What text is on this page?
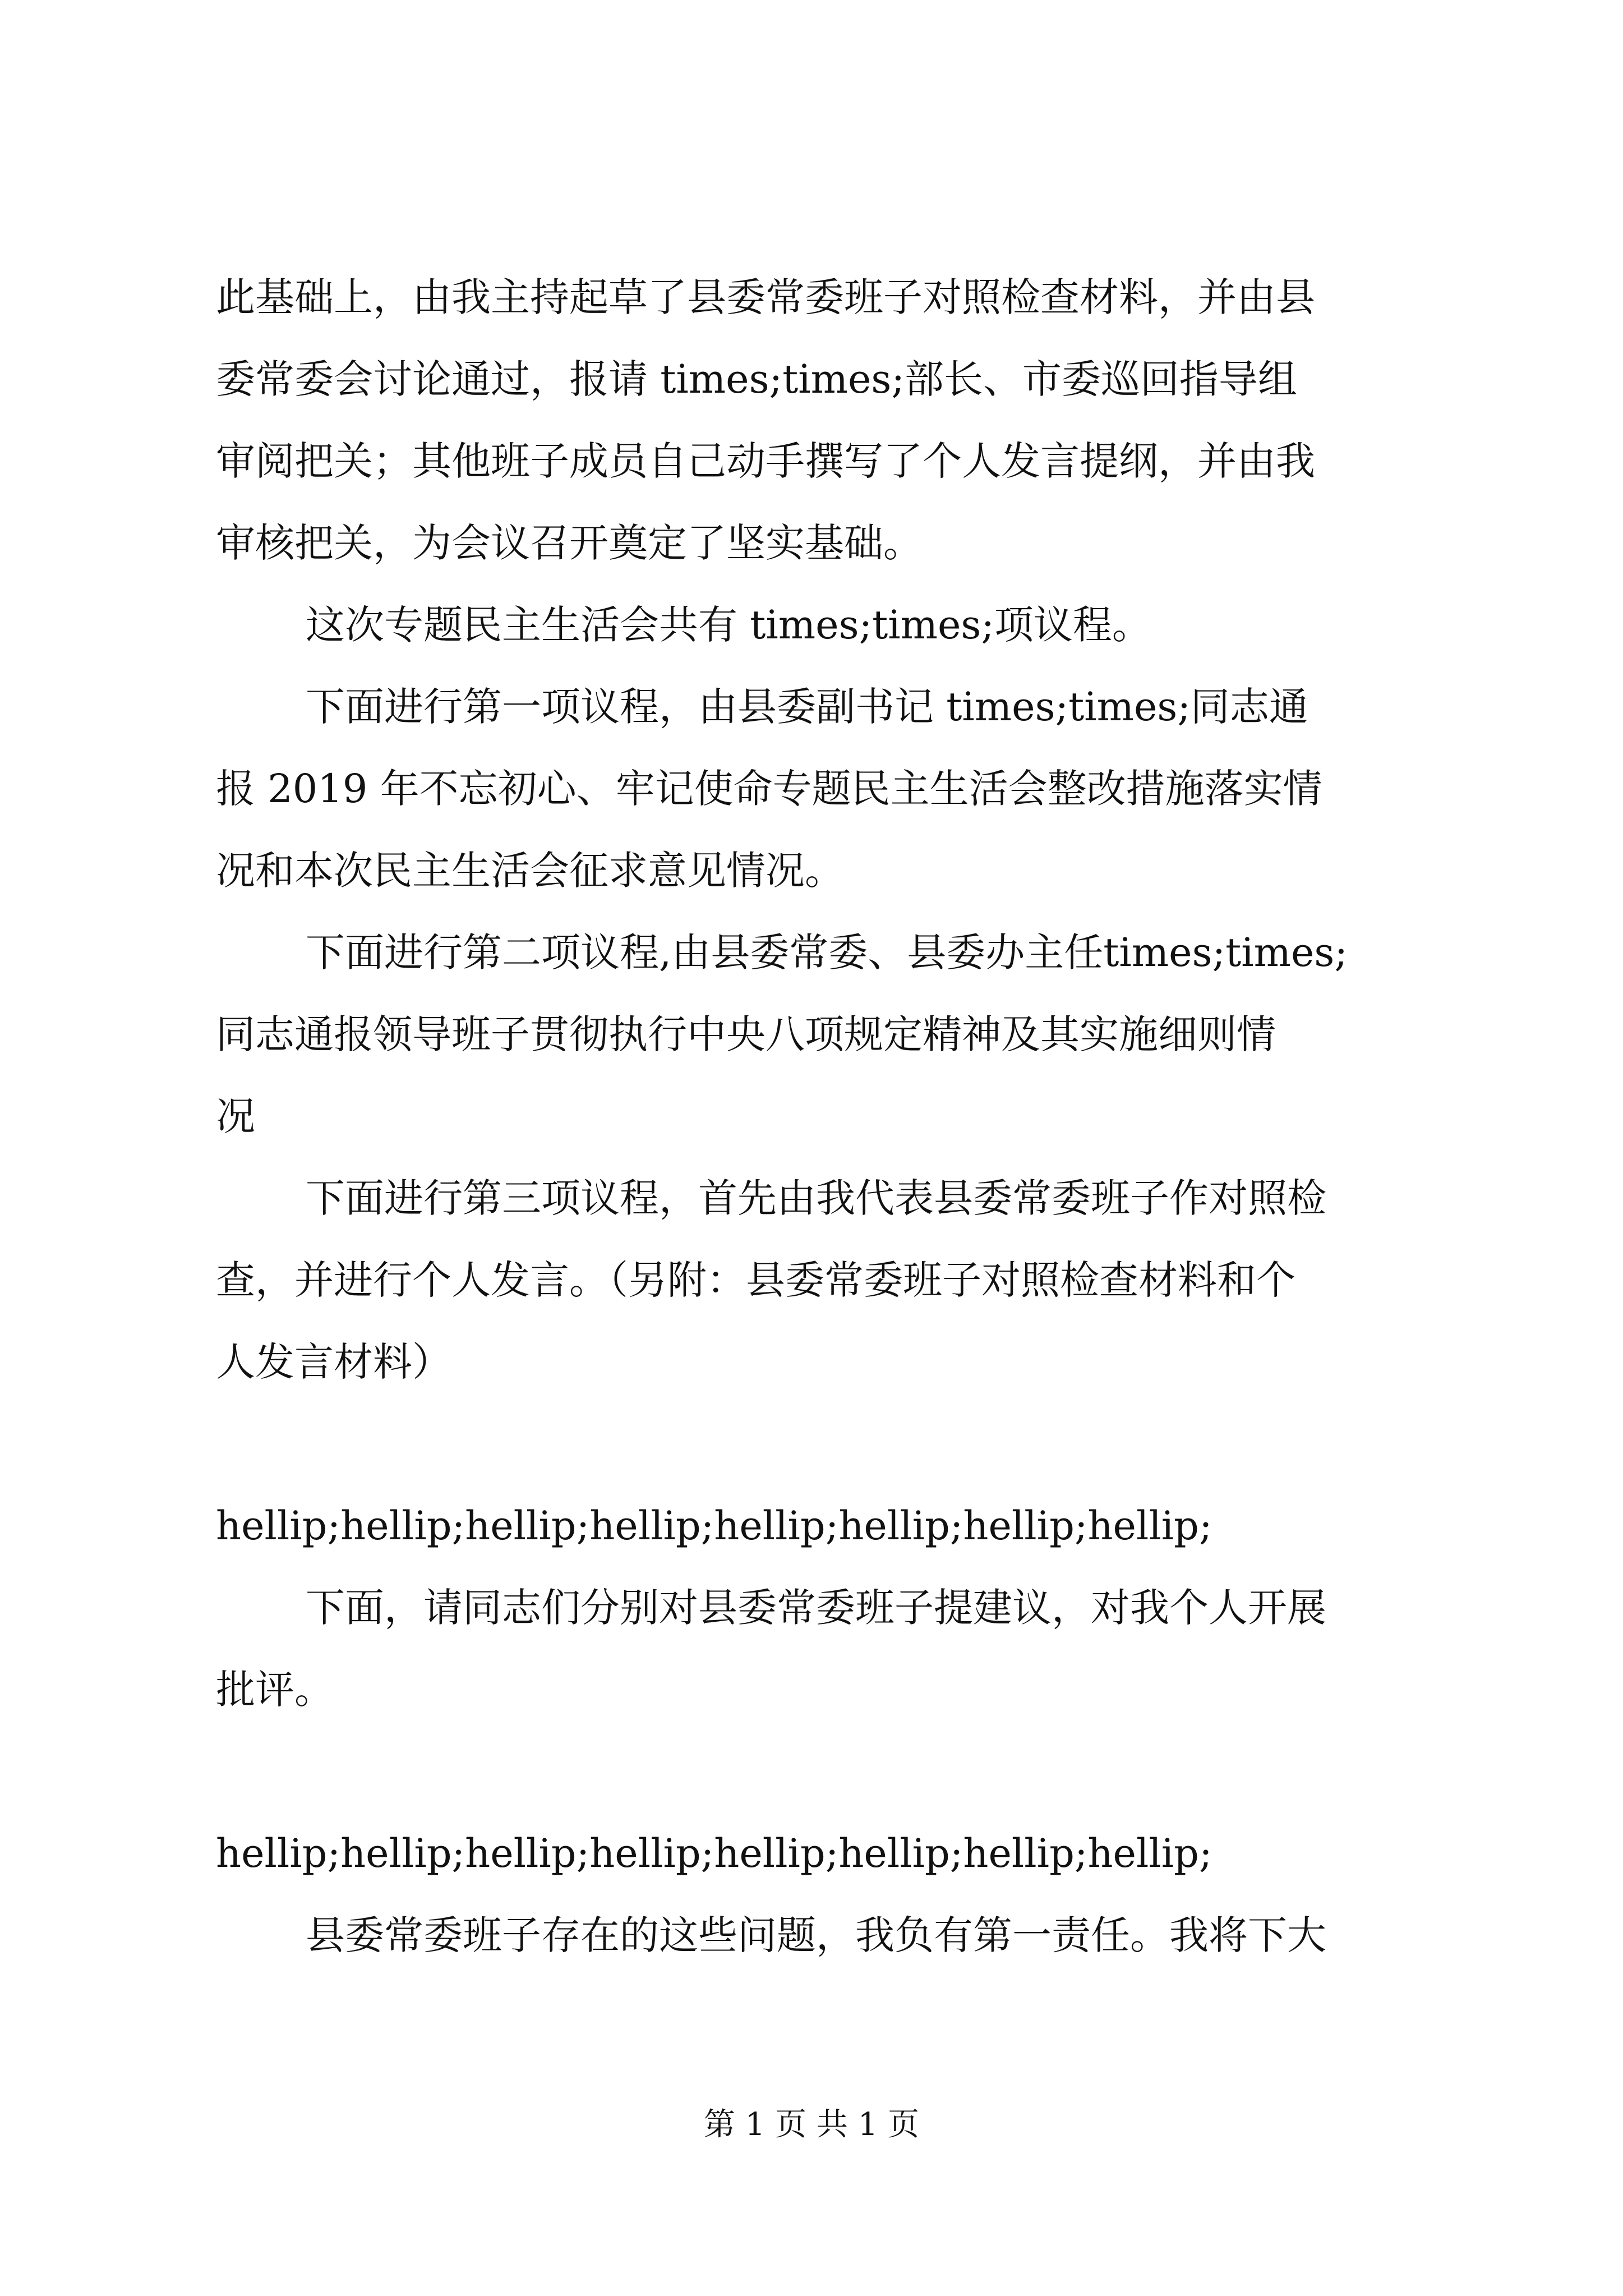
此基础上，由我主持起草了县委常委班子对照检查材料，并由县
委常委会讨论通过，报请 times;times;部长、市委巡回指导组
审阅把关；其他班子成员自己动手撰写了个人发言提纲，并由我
审核把关，为会议召开奠定了坚实基础。
这次专题民主生活会共有 times;times;项议程。
下面进行第一项议程，由县委副书记 times;times;同志通
报 2019 年不忘初心、牢记使命专题民主生活会整改措施落实情
况和本次民主生活会征求意见情况。
下面进行第二项议程,由县委常委、县委办主任times;times;
同志通报领导班子贯彻执行中央八项规定精神及其实施细则情
况
下面进行第三项议程，首先由我代表县委常委班子作对照检
查，并进行个人发言。（另附：县委常委班子对照检查材料和个
人发言材料）
hellip;hellip;hellip;hellip;hellip;hellip;hellip;hellip;
下面，请同志们分别对县委常委班子提建议，对我个人开展
批评。
hellip;hellip;hellip;hellip;hellip;hellip;hellip;hellip;
县委常委班子存在的这些问题，我负有第一责任。我将下大
第 1 页 共 1 页
